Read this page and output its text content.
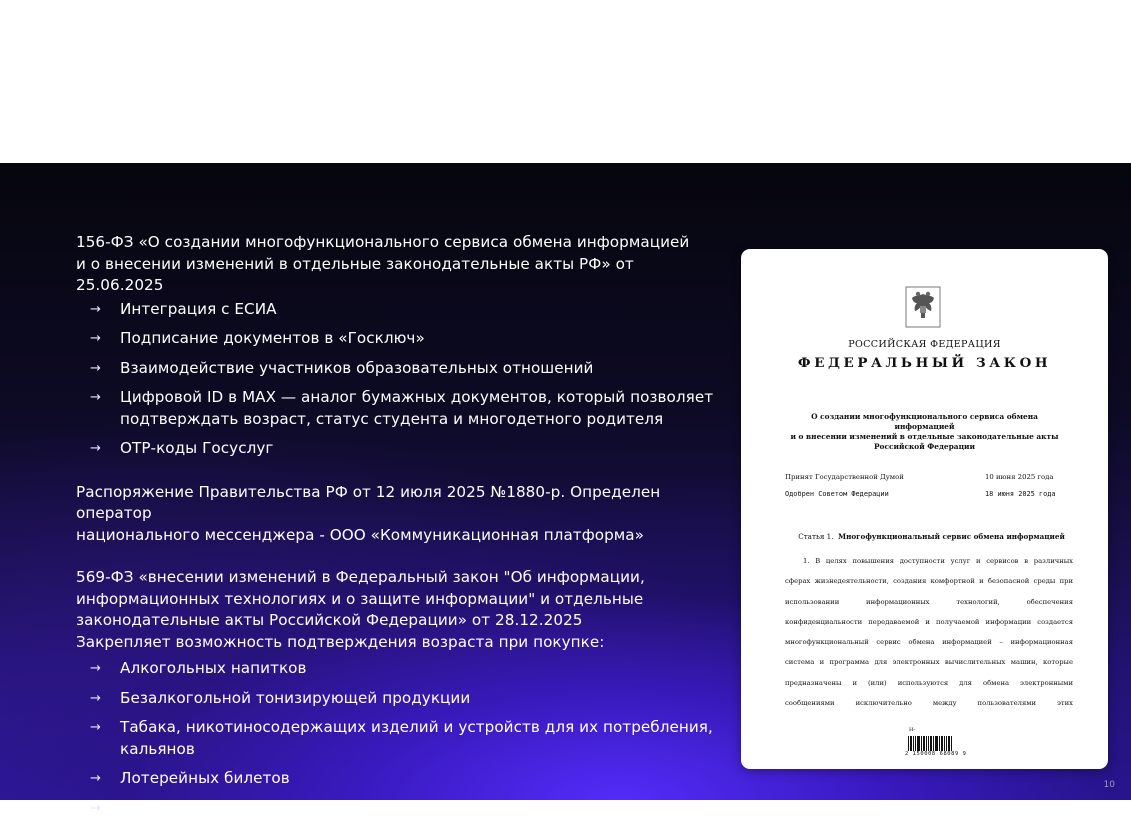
156-ФЗ «О создании многофункционального сервиса обмена информацией

и о внесении изменений в отдельные законодательные акты РФ» от 25.06.2025

→ Интеграция с ЕСИА
→ Подписание документов в «Госключ»
→ Взаимодействие участников образовательных отношений
→ Цифровой ID в MAX — аналог бумажных документов, который позволяет
подтверждать возраст, статус студента и многодетного родителя
→ ОТР-коды Госуслуг

Распоряжение Правительства РФ от 12 июля 2025 №1880-р. Определен оператор

национального мессенджера - ООО «Коммуникационная платформа»

569-ФЗ «внесении изменений в Федеральный закон "Об информации,

информационных технологиях и о защите информации" и отдельные

законодательные акты Российской Федерации» от 28.12.2025

Закрепляет возможность подтверждения возраста при покупке:

→ Алкогольных напитков
→ Безалкогольной тонизирующей продукции
→ Табака, никотиносодержащих изделий и устройств для их потребления,
кальянов
→ Лотерейных билетов
→ Посещении зрелищного мероприятия
РОССИЙСКАЯ ФЕДЕРАЦИЯ
ФЕДЕРАЛЬНЫЙ ЗАКОН
О создании многофункционального сервиса обмена информацией
и о внесении изменений в отдельные законодательные акты
Российской Федерации
Принят Государственной Думой	10 июня 2025 года
Одобрен Советом Федерации	18 июня 2025 года
Статья 1. Многофункциональный сервис обмена информацией
1. В целях повышения доступности услуг и сервисов в различных
сферах жизнедеятельности, создания комфортной и безопасной среды при
использовании информационных технологий, обеспечения
конфиденциальности передаваемой и получаемой информации создается
многофункциональный сервис обмена информацией – информационная
система и программа для электронных вычислительных машин, которые
предназначены и (или) используются для обмена электронными
сообщениями исключительно между пользователями этих
Н-
2 150008 68089 9
10
